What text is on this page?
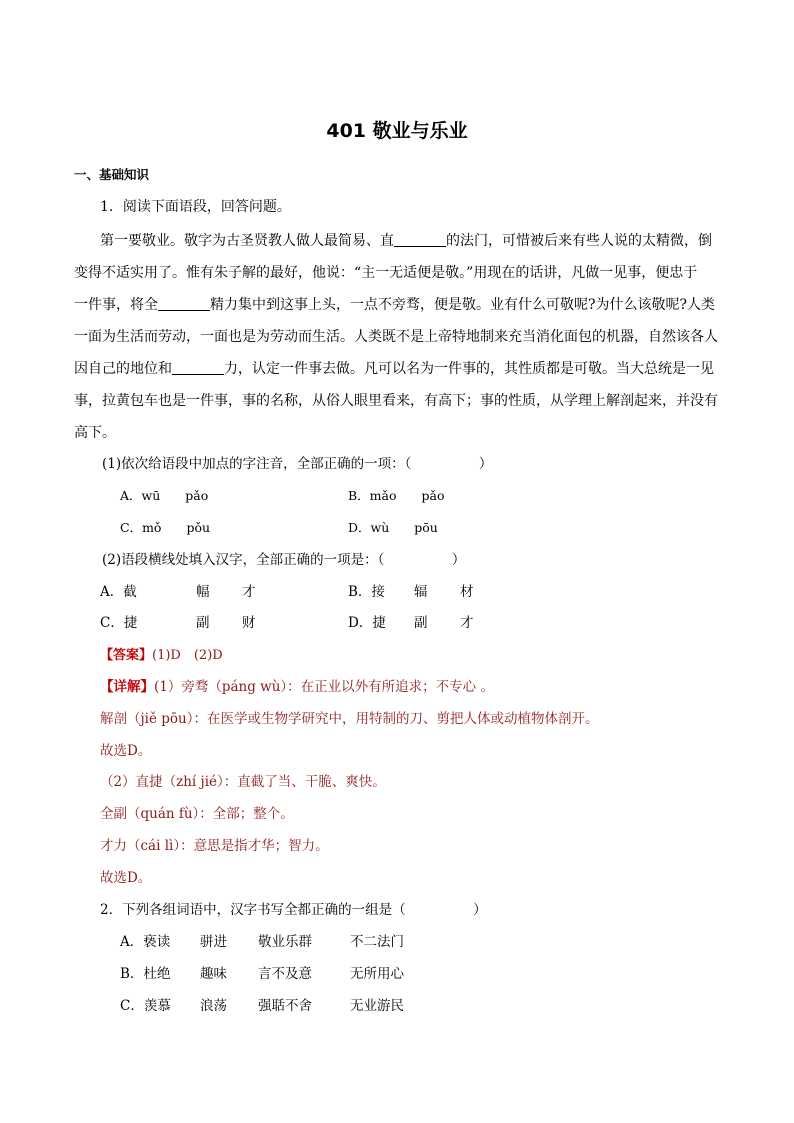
401 敬业与乐业
一、基础知识
1．阅读下面语段，回答问题。
第一要敬业。敬字为古圣贤教人做人最简易、直	的法门，可惜被后来有些人说的太精微，倒
变得不适实用了。惟有朱子解的最好，他说：“主一无适便是敬。”用现在的话讲，凡做一见事，便忠于
一件事，将全	精力集中到这事上头，一点不旁骛，便是敬。业有什么可敬呢?为什么该敬呢?人类
一面为生活而劳动，一面也是为劳动而生活。人类既不是上帝特地制来充当消化面包的机器，自然该各人
因自己的地位和	力，认定一件事去做。凡可以名为一件事的，其性质都是可敬。当大总统是一见
事，拉黄包车也是一件事，事的名称，从俗人眼里看来，有高下；事的性质，从学理上解剖起来，并没有
高下。
(1)依次给语段中加点的字注音，全部正确的一项：（　　　　　）
A．wū　　pǎo	B．mǎo　　pǎo
C．mǒ　　pǒu	D．wù　　pōu
(2)语段横线处填入汉字，全部正确的一项是：（　　　　　）
A．截	幅 才	B．接 辐 材
C．捷	副 财	D．捷 副 才
【答案】(1)D　(2)D
【详解】(1）旁骛（páng wù）：在正业以外有所追求；不专心 。
解剖（jiě pōu）：在医学或生物学研究中，用特制的刀、剪把人体或动植物体剖开。
故选D。
（2）直捷（zhí jié）：直截了当、干脆、爽快。
全副（quán fù）：全部；整个。
才力（cái lì）：意思是指才华；智力。
故选D。
2．下列各组词语中，汉字书写全都正确的一组是（　　　　　）
A．亵读 骈进 敬业乐群	不二法门
B．杜绝 趣味 言不及意	无所用心
C．羡慕 浪荡 强聒不舍	无业游民
